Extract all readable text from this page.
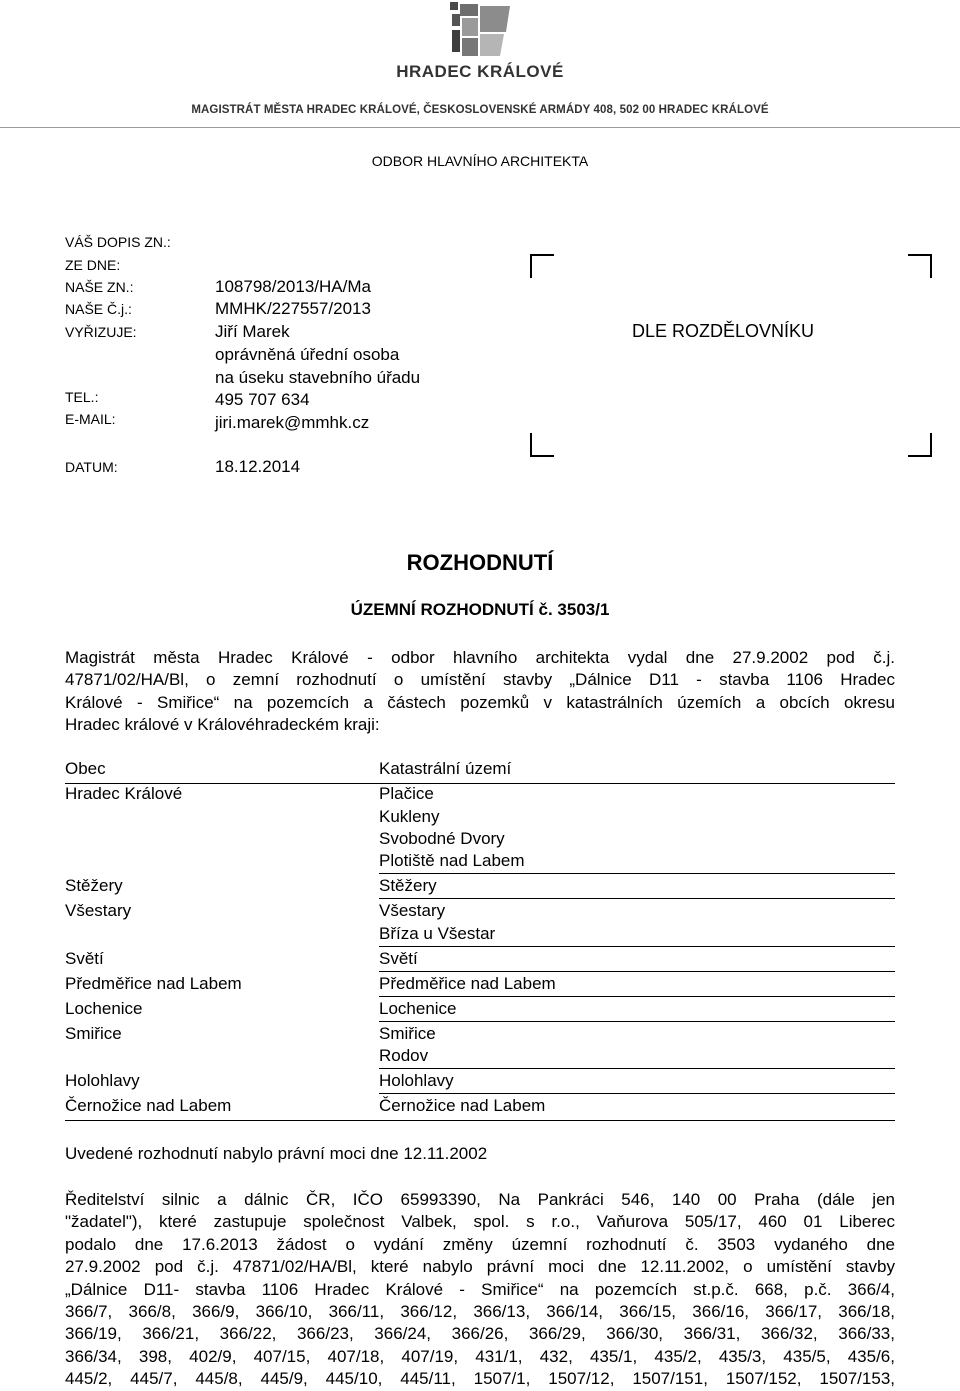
HRADEC KRÁLOVÉ
MAGISTRÁT MĚSTA HRADEC KRÁLOVÉ, ČESKOSLOVENSKÉ ARMÁDY 408, 502 00 HRADEC KRÁLOVÉ
ODBOR HLAVNÍHO ARCHITEKTA
VÁŠ DOPIS ZN.:
ZE DNE:
NAŠE ZN.:	108798/2013/HA/Ma
NAŠE Č.j.:	MMHK/227557/2013
VYŘIZUJE:	Jiří Marek
oprávněná úřední osoba
na úseku stavebního úřadu
TEL.:	495 707 634
E-MAIL:	jiri.marek@mmhk.cz
DATUM:	18.12.2014
DLE ROZDĚLOVNÍKU
ROZHODNUTÍ
ÚZEMNÍ ROZHODNUTÍ č. 3503/1
Magistrát města Hradec Králové - odbor hlavního architekta vydal dne 27.9.2002 pod č.j.
47871/02/HA/Bl, o zemní rozhodnutí o umístění stavby „Dálnice D11 - stavba 1106 Hradec
Králové - Smiřice“ na pozemcích a částech pozemků v katastrálních územích a obcích okresu
Hradec králové v Královéhradeckém kraji:
Obec	Katastrální území
Hradec Králové	Plačice
Kukleny
Svobodné Dvory
Plotiště nad Labem
Stěžery	Stěžery
Všestary	Všestary
Bříza u Všestar
Světí	Světí
Předměřice nad Labem	Předměřice nad Labem
Lochenice	Lochenice
Smiřice	Smiřice
Rodov
Holohlavy	Holohlavy
Černožice nad Labem	Černožice nad Labem
Uvedené rozhodnutí nabylo právní moci dne 12.11.2002
Ředitelství silnic a dálnic ČR, IČO 65993390, Na Pankráci 546, 140 00 Praha (dále jen
"žadatel"), které zastupuje společnost Valbek, spol. s r.o., Vaňurova 505/17, 460 01 Liberec
podalo dne 17.6.2013 žádost o vydání změny územní rozhodnutí č. 3503 vydaného dne
27.9.2002 pod č.j. 47871/02/HA/Bl, které nabylo právní moci dne 12.11.2002, o umístění stavby
„Dálnice D11- stavba 1106 Hradec Králové - Smiřice“ na pozemcích st.p.č. 668, p.č. 366/4,
366/7, 366/8, 366/9, 366/10, 366/11, 366/12, 366/13, 366/14, 366/15, 366/16, 366/17, 366/18,
366/19, 366/21, 366/22, 366/23, 366/24, 366/26, 366/29, 366/30, 366/31, 366/32, 366/33,
366/34, 398, 402/9, 407/15, 407/18, 407/19, 431/1, 432, 435/1, 435/2, 435/3, 435/5, 435/6,
445/2, 445/7, 445/8, 445/9, 445/10, 445/11, 1507/1, 1507/12, 1507/151, 1507/152, 1507/153,
